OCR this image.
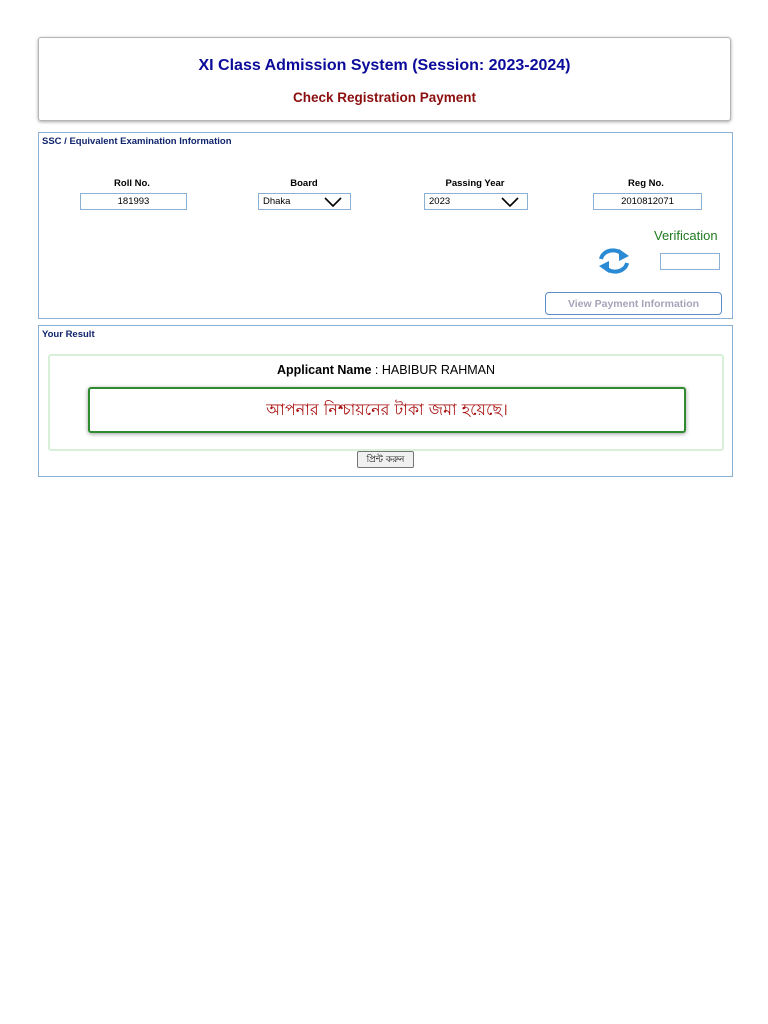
XI Class Admission System (Session: 2023-2024)
Check Registration Payment
SSC / Equivalent Examination Information
Roll No.
181993
Board
Dhaka
Passing Year
2023
Reg No.
2010812071
Verification
View Payment Information
Your Result
Applicant Name : HABIBUR RAHMAN
আপনার নিশ্চায়নের টাকা জমা হয়েছে।
প্রিন্ট করুন
